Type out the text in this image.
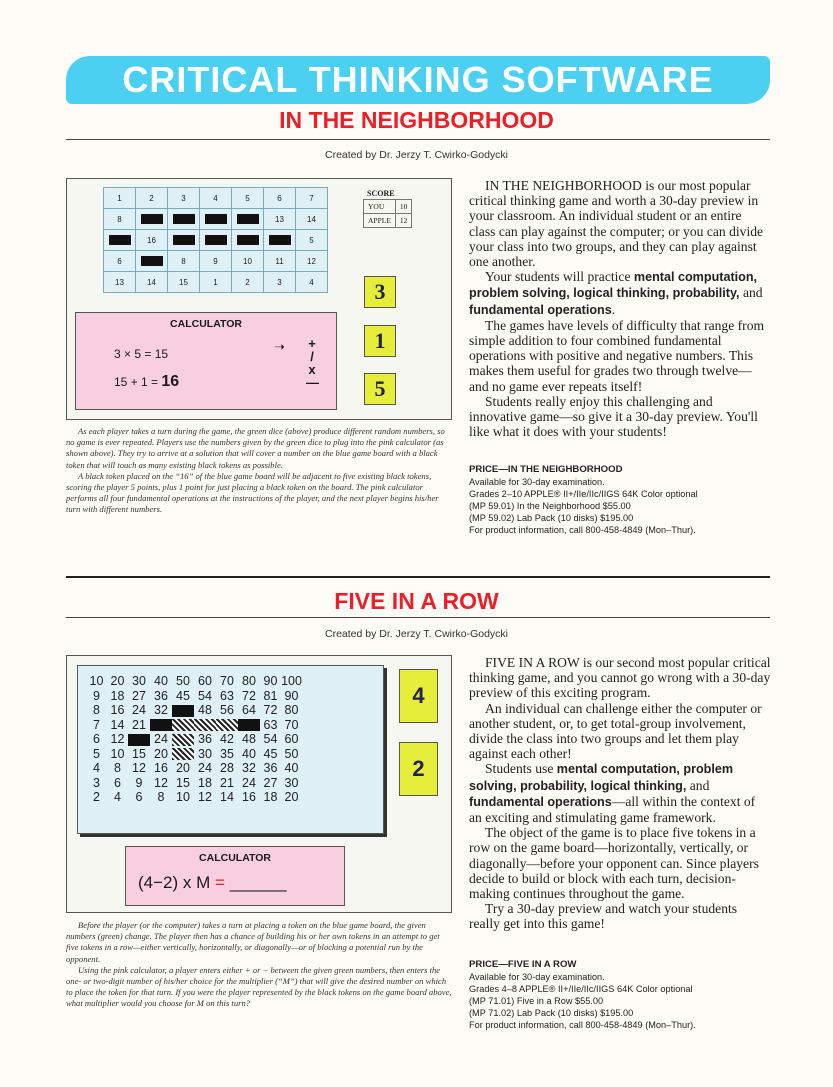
CRITICAL THINKING SOFTWARE
IN THE NEIGHBORHOOD
Created by Dr. Jerzy T. Cwirko-Godycki
1	2	3	4	5	6	7
8					13	14
	16					5
6		8	9	10	11	12
13	14	15	1	2	3	4
SCORE
YOU	10
APPLE	12
3
1
5
CALCULATOR
3 × 5 = 15
15 + 1 = 16
➝ +
/
x
—

As each player takes a turn during the game, the green dice (above) produce different random numbers, so no game is ever repeated. Players use the numbers given by the green dice to plug into the pink calculator (as shown above). They try to arrive at a solution that will cover a number on the blue game board with a black token that will touch as many existing black tokens as possible.

A black token placed on the “16” of the blue game board will be adjacent to five existing black tokens, scoring the player 5 points, plus 1 point for just placing a black token on the board. The pink calculator performs all four fundamental operations at the instructions of the player, and the next player begins his/her turn with different numbers.

IN THE NEIGHBORHOOD is our most popular critical thinking game and worth a 30-day preview in your classroom. An individual student or an entire class can play against the computer; or you can divide your class into two groups, and they can play against one another.

Your students will practice mental computation, problem solving, logical thinking, probability, and fundamental operations.

The games have levels of difficulty that range from simple addition to four combined fundamental operations with positive and negative numbers. This makes them useful for grades two through twelve—and no game ever repeats itself!

Students really enjoy this challenging and innovative game—so give it a 30-day preview. You'll like what it does with your students!

PRICE—IN THE NEIGHBORHOOD
Available for 30-day examination.
Grades 2–10 APPLE® II+/IIe/IIc/IIGS 64K Color optional
(MP 59.01) In the Neighborhood $55.00
(MP 59.02) Lab Pack (10 disks) $195.00
For product information, call 800-458-4849 (Mon–Thur).
FIVE IN A ROW
Created by Dr. Jerzy T. Cwirko-Godycki
10	20	30	40	50	60	70	80	90	100
9	18	27	36	45	54	63	72	81	90
8	16	24	32		48	56	64	72	80
7	14	21						63	70
6	12		24		36	42	48	54	60
5	10	15	20		30	35	40	45	50
4	8	12	16	20	24	28	32	36	40
3	6	9	12	15	18	21	24	27	30
2	4	6	8	10	12	14	16	18	20
4
2
CALCULATOR
(4−2) x M = ______

Before the player (or the computer) takes a turn at placing a token on the blue game board, the given numbers (green) change. The player then has a chance of building his or her own tokens in an attempt to get five tokens in a row—either vertically, horizontally, or diagonally—or of blocking a potential run by the opponent.

Using the pink calculator, a player enters either + or − between the given green numbers, then enters the one- or two-digit number of his/her choice for the multiplier (“M”) that will give the desired number on which to place the token for that turn. If you were the player represented by the black tokens on the game board above, what multiplier would you choose for M on this turn?

FIVE IN A ROW is our second most popular critical thinking game, and you cannot go wrong with a 30-day preview of this exciting program.

An individual can challenge either the computer or another student, or, to get total-group involvement, divide the class into two groups and let them play against each other!

Students use mental computation, problem solving, probability, logical thinking, and fundamental operations—all within the context of an exciting and stimulating game framework.

The object of the game is to place five tokens in a row on the game board—horizontally, vertically, or diagonally—before your opponent can. Since players decide to build or block with each turn, decision-making continues throughout the game.

Try a 30-day preview and watch your students really get into this game!

PRICE—FIVE IN A ROW
Available for 30-day examination.
Grades 4–8 APPLE® II+/IIe/IIc/IIGS 64K Color optional
(MP 71.01) Five in a Row $55.00
(MP 71.02) Lab Pack (10 disks) $195.00
For product information, call 800-458-4849 (Mon–Thur).
